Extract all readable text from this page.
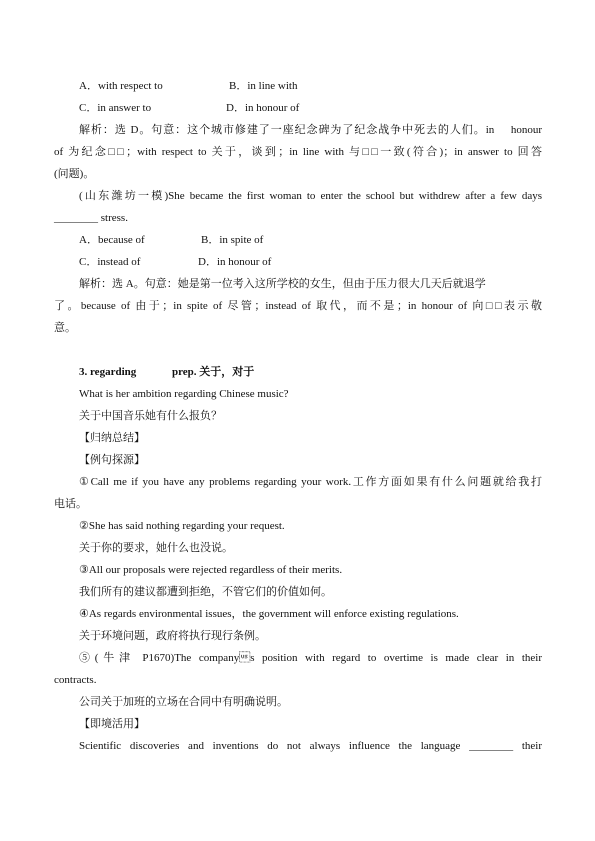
A．with respect to	B．in line with
C．in answer to	D．in honour of
解析：选 D。句意：这个城市修建了一座纪念碑为了纪念战争中死去的人们。in　 honour
of 为纪念□□；with respect to 关于，谈到；in line with 与□□一致(符合)；in answer to 回答
(问题)。
(山东潍坊一模)She became the first woman to enter the school but withdrew after a few days
________ stress.
A．because of	B．in spite of
C．instead of	D．in honour of
解析：选 A。句意：她是第一位考入这所学校的女生，但由于压力很大几天后就退学
了。because of 由于；in spite of 尽管；instead of 取代，而不是；in honour of 向□□表示敬
意。
3. regarding	prep. 关于，对于
What is her ambition regarding Chinese music?
关于中国音乐她有什么报负？
【归纳总结】
【例句探源】
①Call me if you have any problems regarding your work.工作方面如果有什么问题就给我打
电话。
②She has said nothing regarding your request.
关于你的要求，她什么也没说。
③All our proposals were rejected regardless of their merits.
我们所有的建议都遭到拒绝，不管它们的价值如何。
④As regards environmental issues，the government will enforce existing regulations.
关于环境问题，政府将执行现行条例。
⑤(牛津 P1670)The companys position with regard to overtime is made clear in their
contracts.
公司关于加班的立场在合同中有明确说明。
【即境活用】
Scientific discoveries and inventions do not always influence the language ________ their
